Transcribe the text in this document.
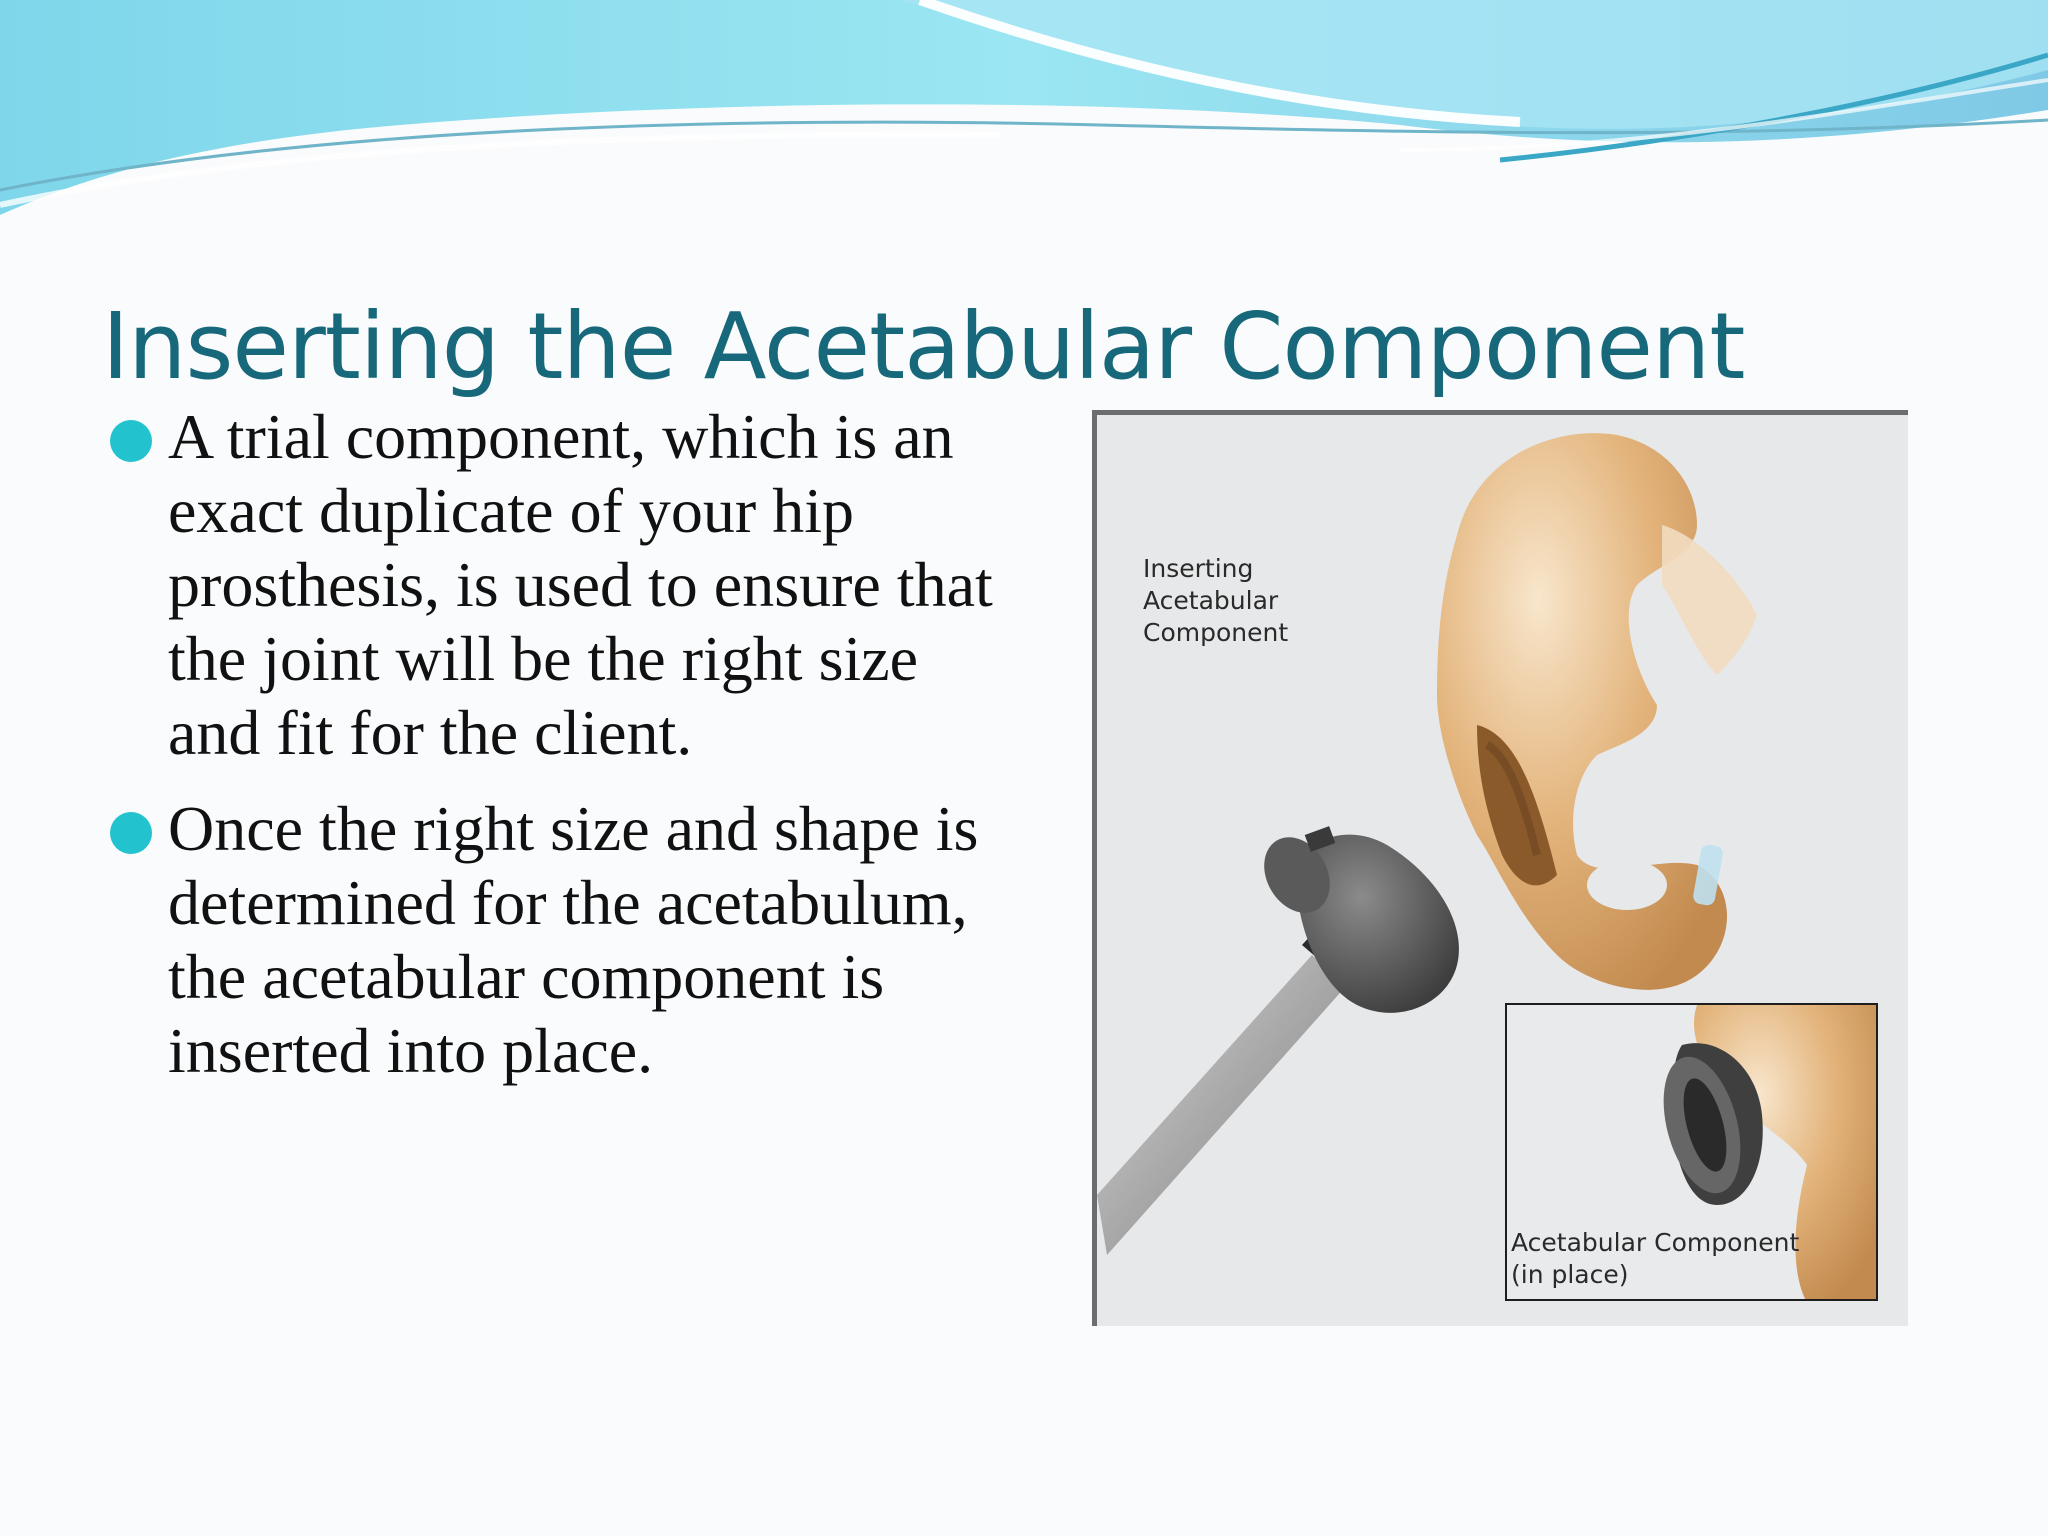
Inserting the Acetabular Component
A trial component, which is an exact duplicate of your hip prosthesis, is used to ensure that the joint will be the right size and fit for the client.
Once the right size and shape is determined for the acetabulum, the acetabular component is inserted into place.
Inserting
Acetabular
Component
Acetabular Component
(in place)
